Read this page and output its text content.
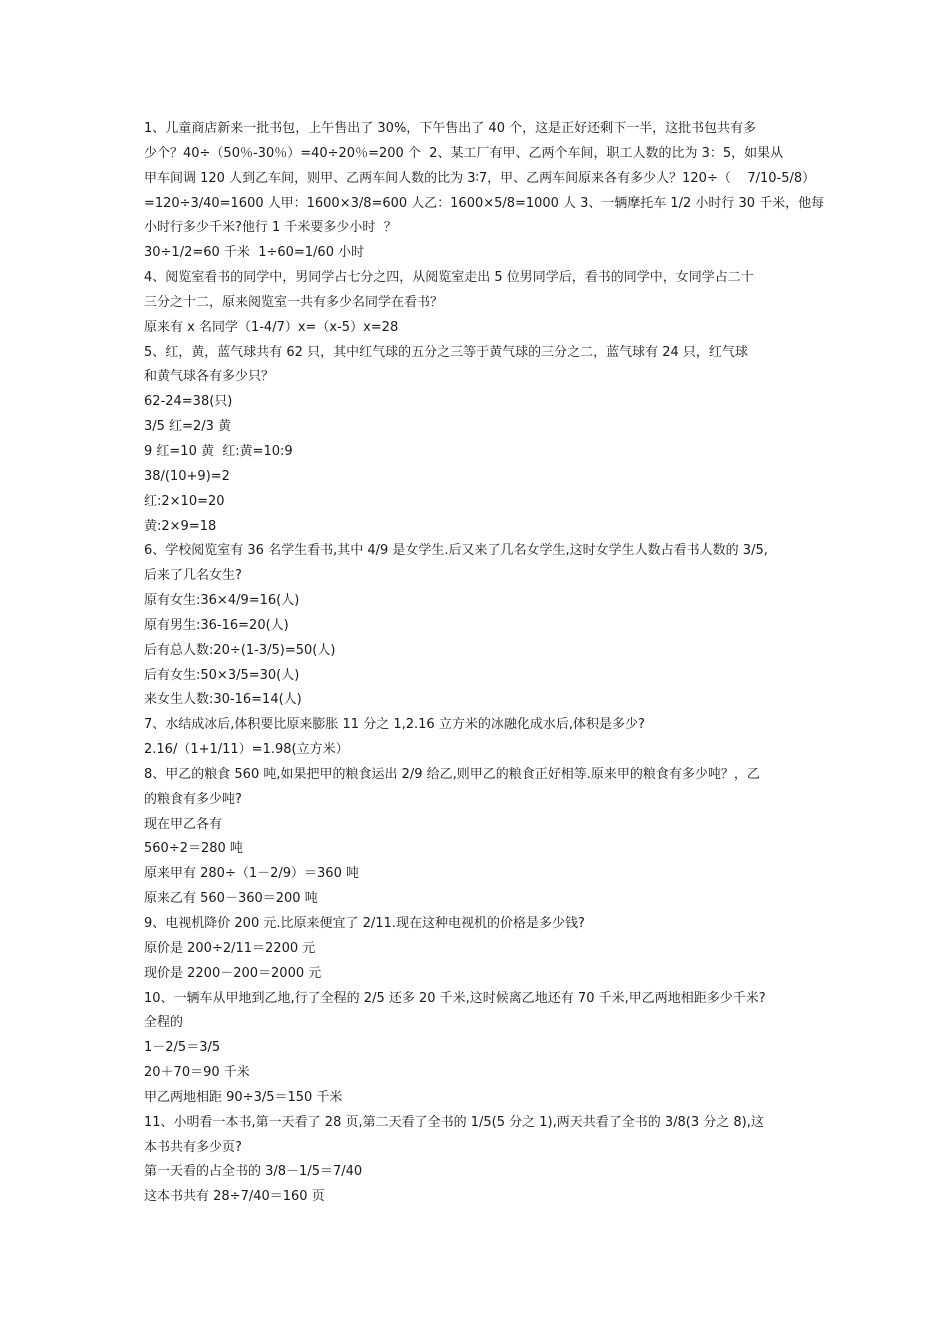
1、儿童商店新来一批书包，上午售出了 30%，下午售出了 40 个，这是正好还剩下一半，这批书包共有多
少个？40÷（50％-30％）=40÷20％=200 个  2、某工厂有甲、乙两个车间，职工人数的比为 3：5，如果从
甲车间调 120 人到乙车间，则甲、乙两车间人数的比为 3∶7，甲、乙两车间原来各有多少人？120÷（    7/10-5/8）
=120÷3/40=1600 人甲：1600×3/8=600 人乙：1600×5/8=1000 人 3、一辆摩托车 1/2 小时行 30 千米，他每
小时行多少千米?他行 1 千米要多少小时  ？
30÷1/2=60 千米  1÷60=1/60 小时
4、阅览室看书的同学中，男同学占七分之四，从阅览室走出 5 位男同学后，看书的同学中，女同学占二十
三分之十二，原来阅览室一共有多少名同学在看书？
原来有 x 名同学（1-4/7）x=（x-5）x=28
5、红，黄，蓝气球共有 62 只，其中红气球的五分之三等于黄气球的三分之二，蓝气球有 24 只，红气球
和黄气球各有多少只？
62-24=38(只)
3/5 红=2/3 黄
9 红=10 黄  红:黄=10:9
38/(10+9)=2
红:2×10=20
黄:2×9=18
6、学校阅览室有 36 名学生看书,其中 4/9 是女学生.后又来了几名女学生,这时女学生人数占看书人数的 3/5,
后来了几名女生?
原有女生:36×4/9=16(人)
原有男生:36-16=20(人)
后有总人数:20÷(1-3/5)=50(人)
后有女生:50×3/5=30(人)
来女生人数:30-16=14(人)
7、水结成冰后,体积要比原来膨胀 11 分之 1,2.16 立方米的冰融化成水后,体积是多少?
2.16/（1+1/11）=1.98(立方米）
8、甲乙的粮食 560 吨,如果把甲的粮食运出 2/9 给乙,则甲乙的粮食正好相等.原来甲的粮食有多少吨？，乙
的粮食有多少吨?
现在甲乙各有
560÷2＝280 吨
原来甲有 280÷（1－2/9）＝360 吨
原来乙有 560－360＝200 吨
9、电视机降价 200 元.比原来便宜了 2/11.现在这种电视机的价格是多少钱?
原价是 200÷2/11＝2200 元
现价是 2200－200＝2000 元
10、一辆车从甲地到乙地,行了全程的 2/5 还多 20 千米,这时候离乙地还有 70 千米,甲乙两地相距多少千米?
全程的
1－2/5＝3/5
20＋70＝90 千米
甲乙两地相距 90÷3/5＝150 千米
11、小明看一本书,第一天看了 28 页,第二天看了全书的 1/5(5 分之 1),两天共看了全书的 3/8(3 分之 8),这
本书共有多少页?
第一天看的占全书的 3/8－1/5＝7/40
这本书共有 28÷7/40＝160 页
